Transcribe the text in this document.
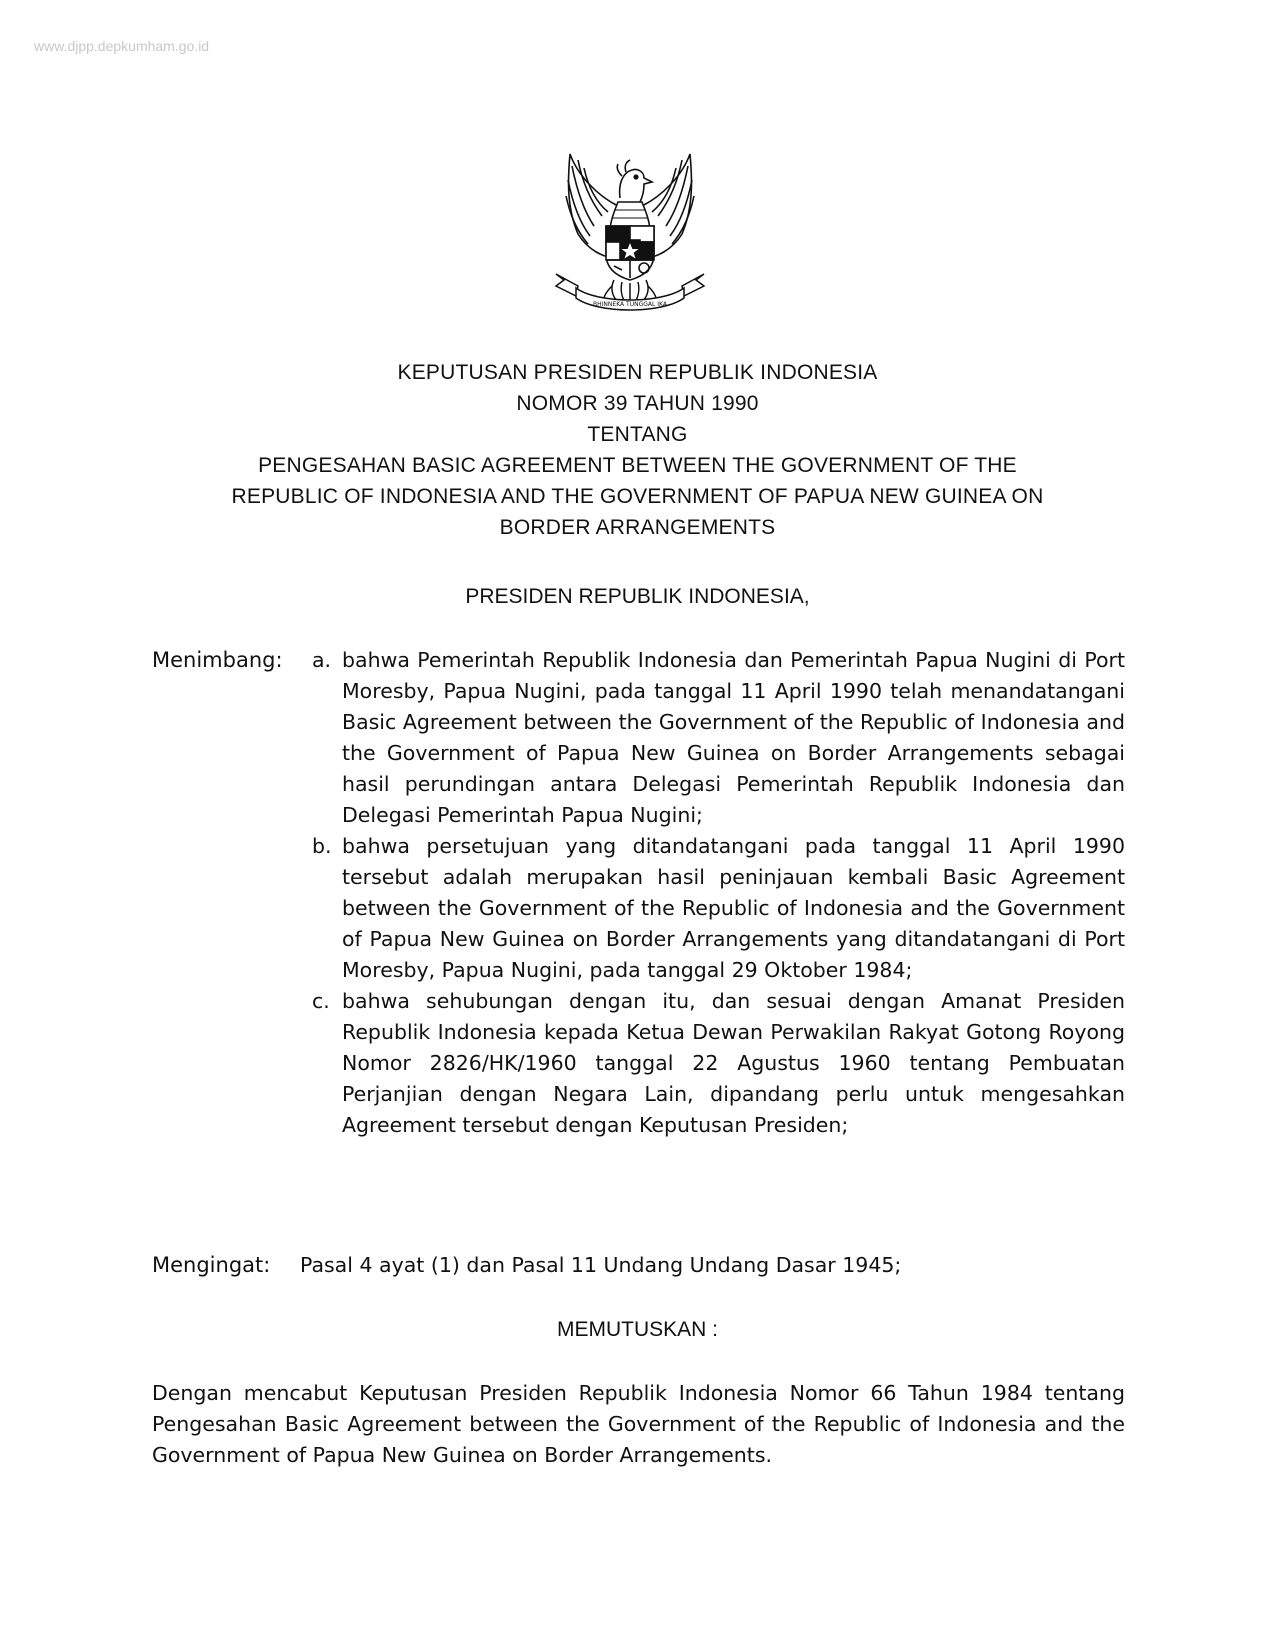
www.djpp.depkumham.go.id
BHINNEKA TUNGGAL IKA
KEPUTUSAN PRESIDEN REPUBLIK INDONESIA
NOMOR 39 TAHUN 1990
TENTANG
PENGESAHAN BASIC AGREEMENT BETWEEN THE GOVERNMENT OF THE REPUBLIC OF INDONESIA AND THE GOVERNMENT OF PAPUA NEW GUINEA ON BORDER ARRANGEMENTS
PRESIDEN REPUBLIK INDONESIA,
Menimbang: a. bahwa Pemerintah Republik Indonesia dan Pemerintah Papua Nugini di Port Moresby, Papua Nugini, pada tanggal 11 April 1990 telah menandatangani Basic Agreement between the Government of the Republic of Indonesia and the Government of Papua New Guinea on Border Arrangements sebagai hasil perundingan antara Delegasi Pemerintah Republik Indonesia dan Delegasi Pemerintah Papua Nugini;
b. bahwa persetujuan yang ditandatangani pada tanggal 11 April 1990 tersebut adalah merupakan hasil peninjauan kembali Basic Agreement between the Government of the Republic of Indonesia and the Government of Papua New Guinea on Border Arrangements yang ditandatangani di Port Moresby, Papua Nugini, pada tanggal 29 Oktober 1984;
c. bahwa sehubungan dengan itu, dan sesuai dengan Amanat Presiden Republik Indonesia kepada Ketua Dewan Perwakilan Rakyat Gotong Royong Nomor 2826/HK/1960 tanggal 22 Agustus 1960 tentang Pembuatan Perjanjian dengan Negara Lain, dipandang perlu untuk mengesahkan Agreement tersebut dengan Keputusan Presiden;
Mengingat: Pasal 4 ayat (1) dan Pasal 11 Undang Undang Dasar 1945;
MEMUTUSKAN :
Dengan mencabut Keputusan Presiden Republik Indonesia Nomor 66 Tahun 1984 tentang Pengesahan Basic Agreement between the Government of the Republic of Indonesia and the Government of Papua New Guinea on Border Arrangements.
